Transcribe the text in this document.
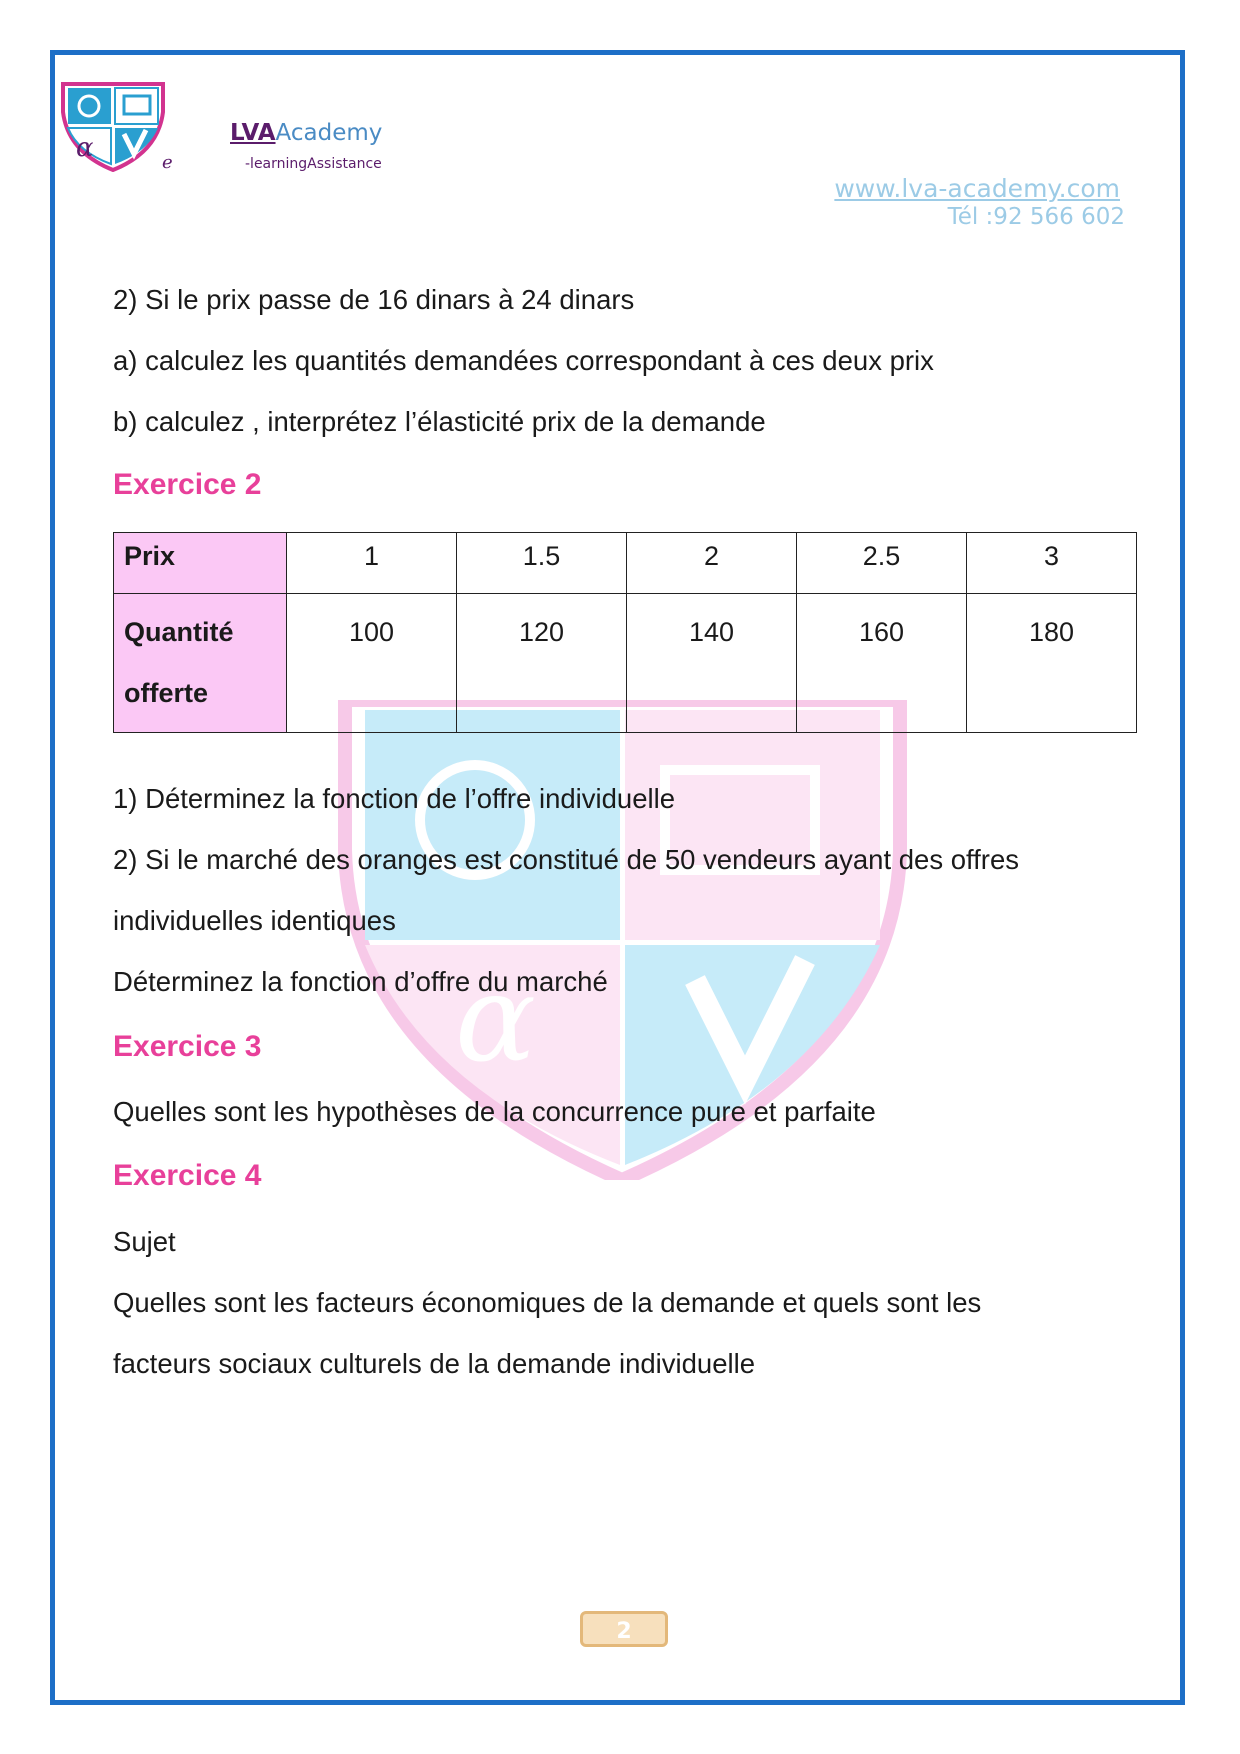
α
α	e
LVAAcademy
-learningAssistance
www.lva-academy.com
Tél :92 566 602
2) Si le prix passe de 16 dinars à 24 dinars
a) calculez les quantités demandées correspondant à ces deux prix
b) calculez , interprétez l’élasticité prix de la demande
Exercice 2
Prix	1	1.5	2	2.5	3
Quantité
offerte	100	120	140	160	180
1) Déterminez la fonction de l’offre individuelle
2) Si le marché des oranges est constitué de 50 vendeurs ayant des offres
individuelles identiques
Déterminez la fonction d’offre du marché
Exercice 3
Quelles sont les hypothèses de la concurrence pure et parfaite
Exercice 4
Sujet
Quelles sont les facteurs économiques de la demande et quels sont les
facteurs sociaux culturels de la demande individuelle
2
